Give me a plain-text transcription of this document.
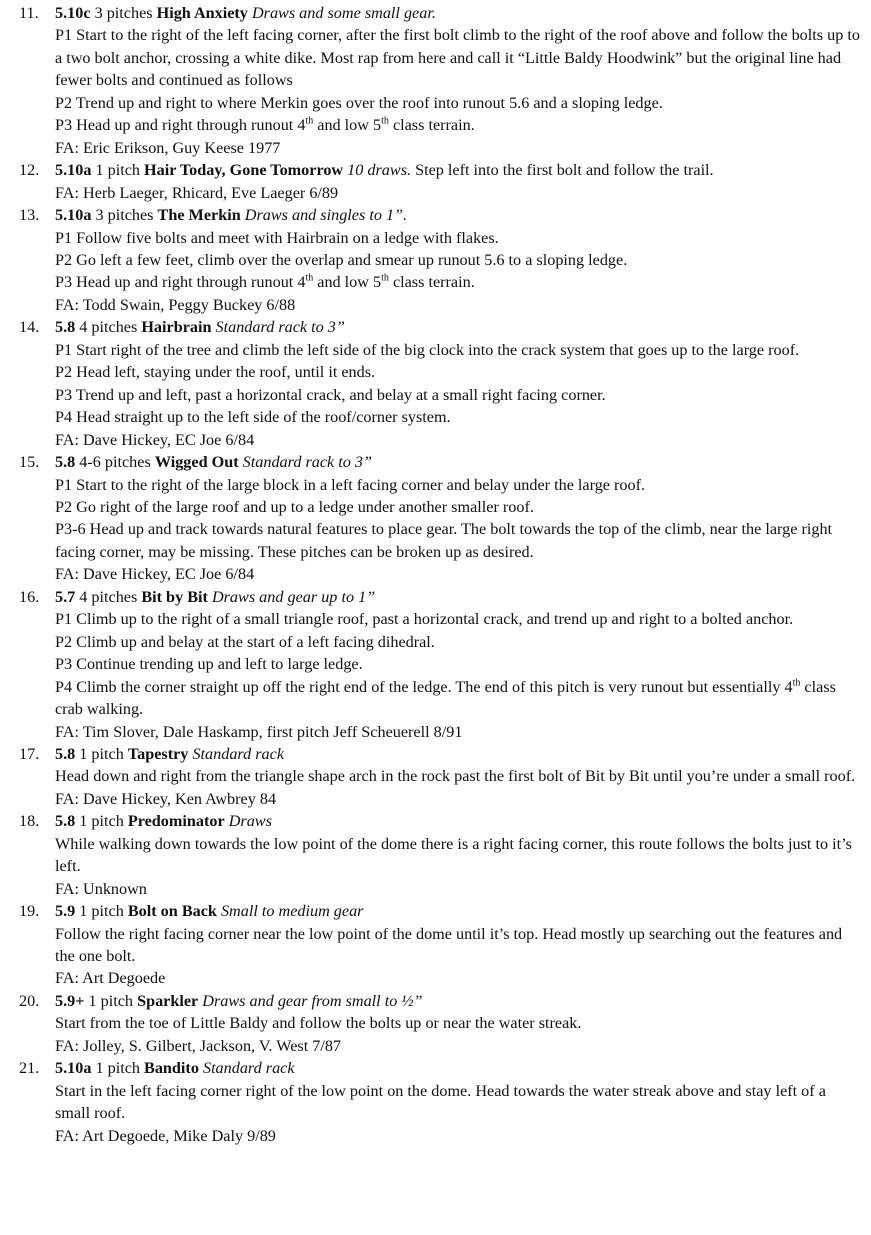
11. 5.10c 3 pitches High Anxiety Draws and some small gear.
P1 Start to the right of the left facing corner, after the first bolt climb to the right of the roof above and follow the bolts up to a two bolt anchor, crossing a white dike. Most rap from here and call it “Little Baldy Hoodwink” but the original line had fewer bolts and continued as follows
P2 Trend up and right to where Merkin goes over the roof into runout 5.6 and a sloping ledge.
P3 Head up and right through runout 4th and low 5th class terrain.
FA: Eric Erikson, Guy Keese 1977
12. 5.10a 1 pitch Hair Today, Gone Tomorrow 10 draws. Step left into the first bolt and follow the trail.
FA: Herb Laeger, Rhicard, Eve Laeger 6/89
13. 5.10a 3 pitches The Merkin Draws and singles to 1”.
P1 Follow five bolts and meet with Hairbrain on a ledge with flakes.
P2 Go left a few feet, climb over the overlap and smear up runout 5.6 to a sloping ledge.
P3 Head up and right through runout 4th and low 5th class terrain.
FA: Todd Swain, Peggy Buckey 6/88
14. 5.8 4 pitches Hairbrain Standard rack to 3”
P1 Start right of the tree and climb the left side of the big clock into the crack system that goes up to the large roof.
P2 Head left, staying under the roof, until it ends.
P3 Trend up and left, past a horizontal crack, and belay at a small right facing corner.
P4 Head straight up to the left side of the roof/corner system.
FA: Dave Hickey, EC Joe 6/84
15. 5.8 4-6 pitches Wigged Out Standard rack to 3”
P1 Start to the right of the large block in a left facing corner and belay under the large roof.
P2 Go right of the large roof and up to a ledge under another smaller roof.
P3-6 Head up and track towards natural features to place gear. The bolt towards the top of the climb, near the large right facing corner, may be missing. These pitches can be broken up as desired.
FA: Dave Hickey, EC Joe 6/84
16. 5.7 4 pitches Bit by Bit Draws and gear up to 1”
P1 Climb up to the right of a small triangle roof, past a horizontal crack, and trend up and right to a bolted anchor.
P2 Climb up and belay at the start of a left facing dihedral.
P3 Continue trending up and left to large ledge.
P4 Climb the corner straight up off the right end of the ledge. The end of this pitch is very runout but essentially 4th class crab walking.
FA: Tim Slover, Dale Haskamp, first pitch Jeff Scheuerell 8/91
17. 5.8 1 pitch Tapestry Standard rack
Head down and right from the triangle shape arch in the rock past the first bolt of Bit by Bit until you’re under a small roof.
FA: Dave Hickey, Ken Awbrey 84
18. 5.8 1 pitch Predominator Draws
While walking down towards the low point of the dome there is a right facing corner, this route follows the bolts just to it’s left.
FA: Unknown
19. 5.9 1 pitch Bolt on Back Small to medium gear
Follow the right facing corner near the low point of the dome until it’s top. Head mostly up searching out the features and the one bolt.
FA: Art Degoede
20. 5.9+ 1 pitch Sparkler Draws and gear from small to ½”
Start from the toe of Little Baldy and follow the bolts up or near the water streak.
FA: Jolley, S. Gilbert, Jackson, V. West 7/87
21. 5.10a 1 pitch Bandito Standard rack
Start in the left facing corner right of the low point on the dome. Head towards the water streak above and stay left of a small roof.
FA: Art Degoede, Mike Daly 9/89
